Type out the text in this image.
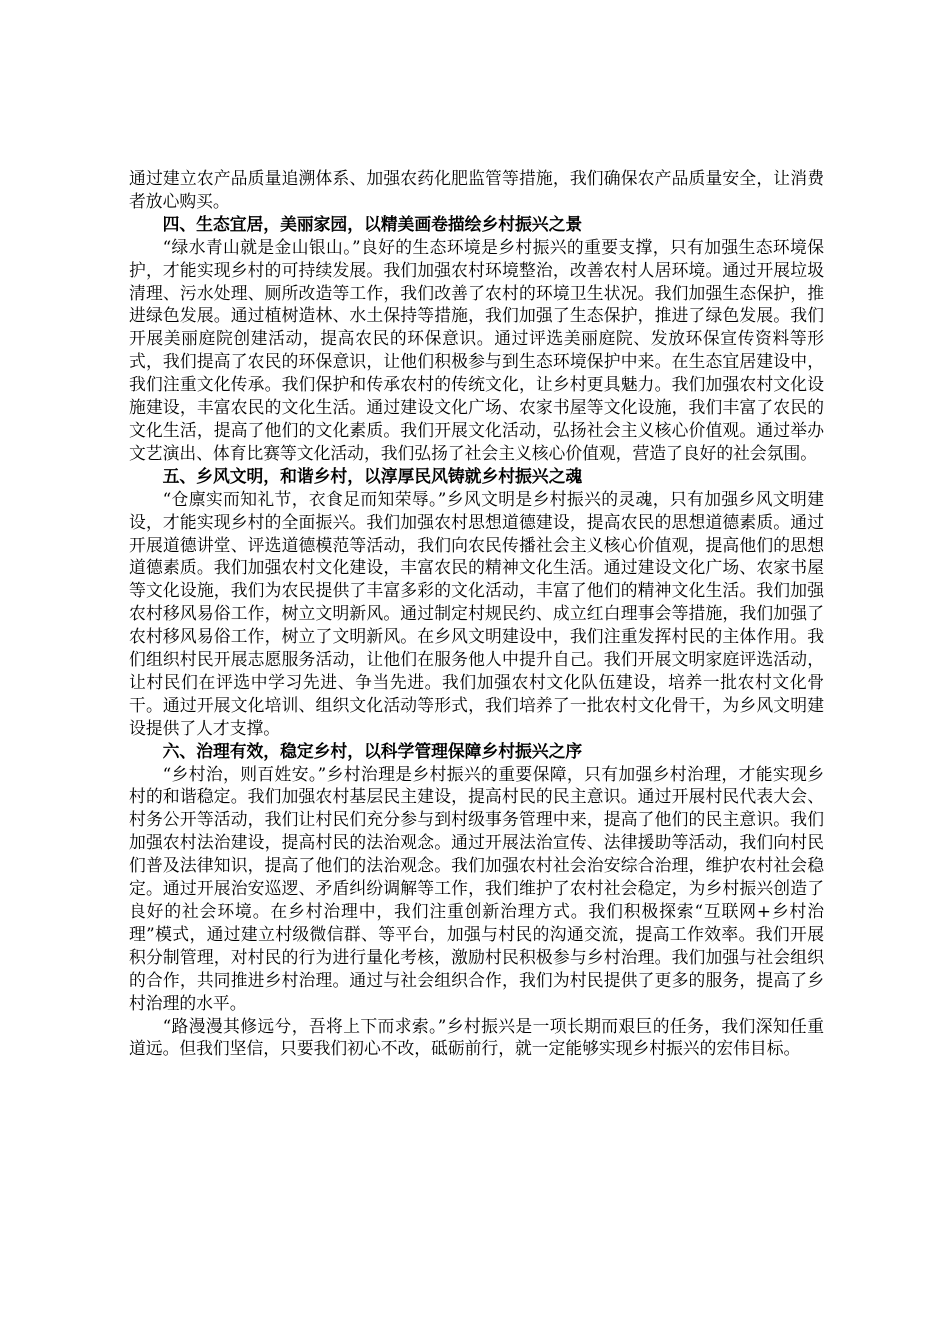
通过建立农产品质量追溯体系、加强农药化肥监管等措施，我们确保农产品质量安全，让消费者放心购买。

四、生态宜居，美丽家园，以精美画卷描绘乡村振兴之景

“绿水青山就是金山银山。”良好的生态环境是乡村振兴的重要支撑，只有加强生态环境保护，才能实现乡村的可持续发展。我们加强农村环境整治，改善农村人居环境。通过开展垃圾清理、污水处理、厕所改造等工作，我们改善了农村的环境卫生状况。我们加强生态保护，推进绿色发展。通过植树造林、水土保持等措施，我们加强了生态保护，推进了绿色发展。我们开展美丽庭院创建活动，提高农民的环保意识。通过评选美丽庭院、发放环保宣传资料等形式，我们提高了农民的环保意识，让他们积极参与到生态环境保护中来。在生态宜居建设中，我们注重文化传承。我们保护和传承农村的传统文化，让乡村更具魅力。我们加强农村文化设施建设，丰富农民的文化生活。通过建设文化广场、农家书屋等文化设施，我们丰富了农民的文化生活，提高了他们的文化素质。我们开展文化活动，弘扬社会主义核心价值观。通过举办文艺演出、体育比赛等文化活动，我们弘扬了社会主义核心价值观，营造了良好的社会氛围。

五、乡风文明，和谐乡村，以淳厚民风铸就乡村振兴之魂

“仓廪实而知礼节，衣食足而知荣辱。”乡风文明是乡村振兴的灵魂，只有加强乡风文明建设，才能实现乡村的全面振兴。我们加强农村思想道德建设，提高农民的思想道德素质。通过开展道德讲堂、评选道德模范等活动，我们向农民传播社会主义核心价值观，提高他们的思想道德素质。我们加强农村文化建设，丰富农民的精神文化生活。通过建设文化广场、农家书屋等文化设施，我们为农民提供了丰富多彩的文化活动，丰富了他们的精神文化生活。我们加强农村移风易俗工作，树立文明新风。通过制定村规民约、成立红白理事会等措施，我们加强了农村移风易俗工作，树立了文明新风。在乡风文明建设中，我们注重发挥村民的主体作用。我们组织村民开展志愿服务活动，让他们在服务他人中提升自己。我们开展文明家庭评选活动，让村民们在评选中学习先进、争当先进。我们加强农村文化队伍建设，培养一批农村文化骨干。通过开展文化培训、组织文化活动等形式，我们培养了一批农村文化骨干，为乡风文明建设提供了人才支撑。

六、治理有效，稳定乡村，以科学管理保障乡村振兴之序

“乡村治，则百姓安。”乡村治理是乡村振兴的重要保障，只有加强乡村治理，才能实现乡村的和谐稳定。我们加强农村基层民主建设，提高村民的民主意识。通过开展村民代表大会、村务公开等活动，我们让村民们充分参与到村级事务管理中来，提高了他们的民主意识。我们加强农村法治建设，提高村民的法治观念。通过开展法治宣传、法律援助等活动，我们向村民们普及法律知识，提高了他们的法治观念。我们加强农村社会治安综合治理，维护农村社会稳定。通过开展治安巡逻、矛盾纠纷调解等工作，我们维护了农村社会稳定，为乡村振兴创造了良好的社会环境。在乡村治理中，我们注重创新治理方式。我们积极探索“互联网+乡村治理”模式，通过建立村级微信群、等平台，加强与村民的沟通交流，提高工作效率。我们开展积分制管理，对村民的行为进行量化考核，激励村民积极参与乡村治理。我们加强与社会组织的合作，共同推进乡村治理。通过与社会组织合作，我们为村民提供了更多的服务，提高了乡村治理的水平。

“路漫漫其修远兮，吾将上下而求索。”乡村振兴是一项长期而艰巨的任务，我们深知任重道远。但我们坚信，只要我们初心不改，砥砺前行，就一定能够实现乡村振兴的宏伟目标。
